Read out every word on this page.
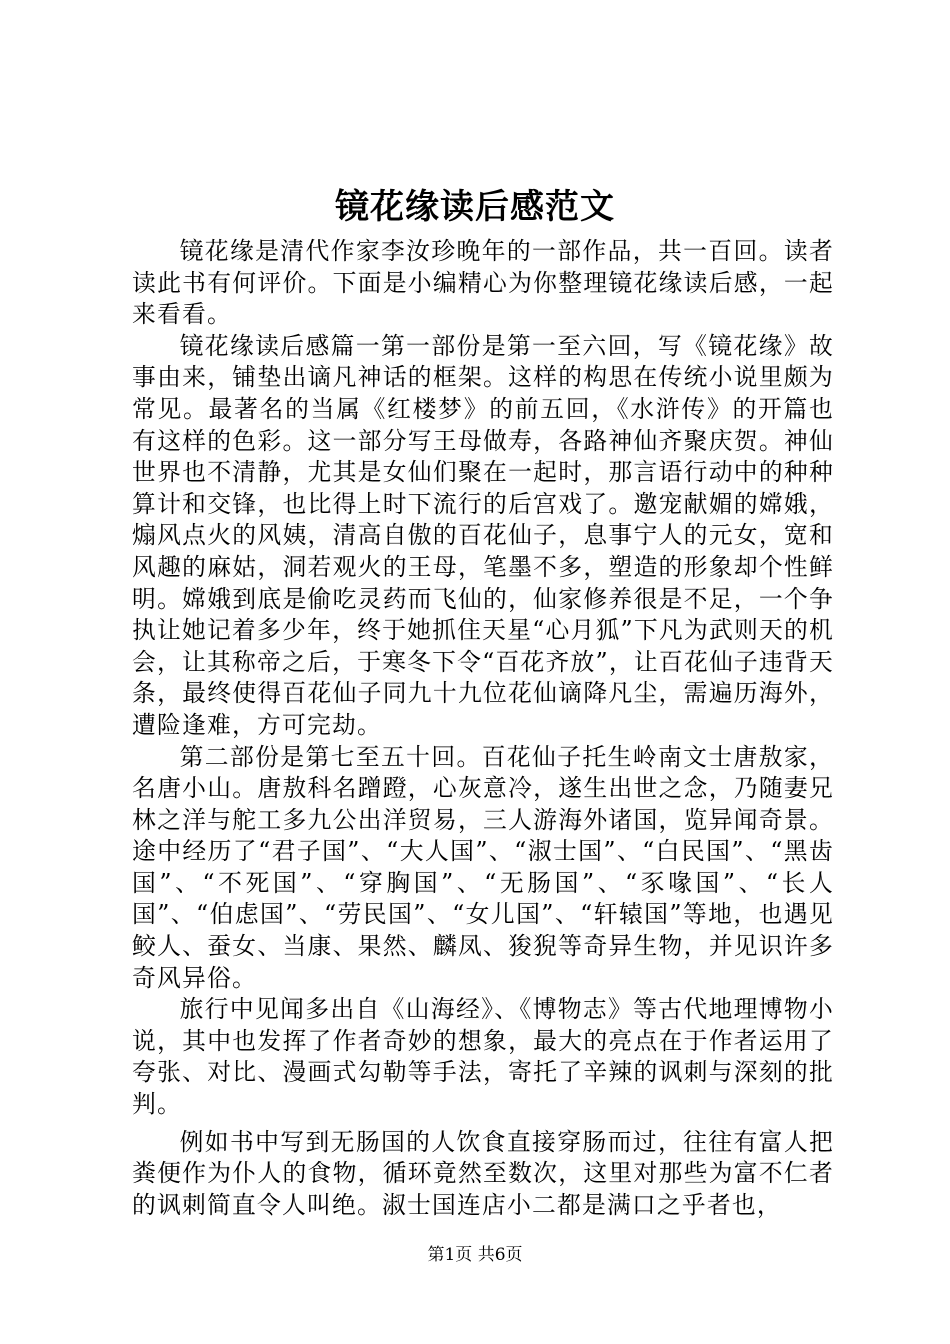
镜花缘读后感范文

镜花缘是清代作家李汝珍晚年的一部作品，共一百回。读者读此书有何评价。下面是小编精心为你整理镜花缘读后感，一起来看看。

镜花缘读后感篇一第一部份是第一至六回，写《镜花缘》故事由来，铺垫出谪凡神话的框架。这样的构思在传统小说里颇为常见。最著名的当属《红楼梦》的前五回，《水浒传》的开篇也有这样的色彩。这一部分写王母做寿，各路神仙齐聚庆贺。神仙世界也不清静，尤其是女仙们聚在一起时，那言语行动中的种种算计和交锋，也比得上时下流行的后宫戏了。邀宠献媚的嫦娥，煽风点火的风姨，清高自傲的百花仙子，息事宁人的元女，宽和风趣的麻姑，洞若观火的王母，笔墨不多，塑造的形象却个性鲜明。嫦娥到底是偷吃灵药而飞仙的，仙家修养很是不足，一个争执让她记着多少年，终于她抓住天星“心月狐”下凡为武则天的机会，让其称帝之后，于寒冬下令“百花齐放”，让百花仙子违背天条，最终使得百花仙子同九十九位花仙谪降凡尘，需遍历海外，遭险逢难，方可完劫。

第二部份是第七至五十回。百花仙子托生岭南文士唐敖家，名唐小山。唐敖科名蹭蹬，心灰意冷，遂生出世之念，乃随妻兄林之洋与舵工多九公出洋贸易，三人游海外诸国，览异闻奇景。途中经历了“君子国”、“大人国”、“淑士国”、“白民国”、“黑齿国”、“不死国”、“穿胸国”、“无肠国”、“豕喙国”、“长人国”、“伯虑国”、“劳民国”、“女儿国”、“轩辕国”等地，也遇见鲛人、蚕女、当康、果然、麟凤、狻猊等奇异生物，并见识许多奇风异俗。

旅行中见闻多出自《山海经》、《博物志》等古代地理博物小说，其中也发挥了作者奇妙的想象，最大的亮点在于作者运用了夸张、对比、漫画式勾勒等手法，寄托了辛辣的讽刺与深刻的批判。

例如书中写到无肠国的人饮食直接穿肠而过，往往有富人把粪便作为仆人的食物，循环竟然至数次，这里对那些为富不仁者的讽刺简直令人叫绝。淑士国连店小二都是满口之乎者也，

第1页 共6页
